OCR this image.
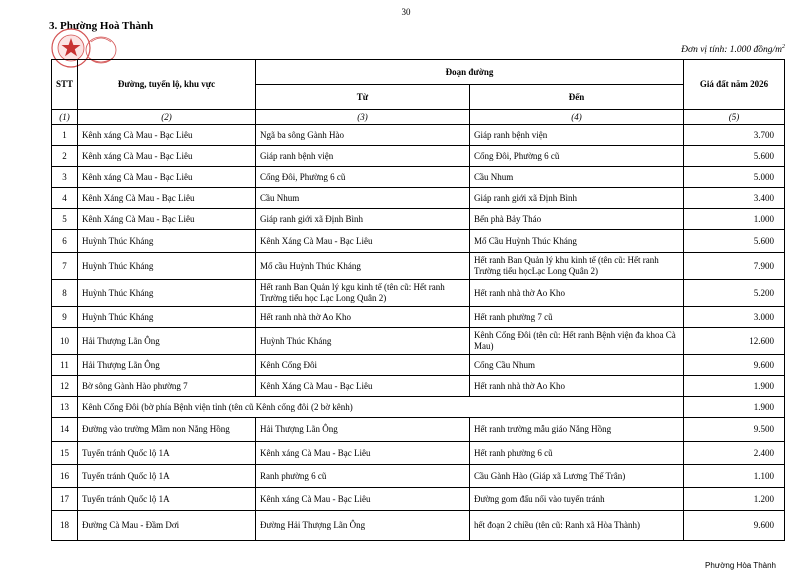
30
3. Phường Hoà Thành
Đơn vị tính: 1.000 đồng/$m^2$
STT	Đường, tuyến lộ, khu vực	Đoạn đường		Giá đất năm 2026
		Từ	Đến	
(1)	(2)	(3)	(4)	(5)
1	Kênh xáng Cà Mau - Bạc Liêu	Ngã ba sông Gành Hào	Giáp ranh bệnh viện	3.700
2	Kênh xáng Cà Mau - Bạc Liêu	Giáp ranh bệnh viện	Cống Đôi, Phường 6 cũ	5.600
3	Kênh xáng Cà Mau - Bạc Liêu	Cống Đôi, Phường 6 cũ	Cầu Nhum	5.000
4	Kênh Xáng Cà Mau - Bạc Liêu	Cầu Nhum	Giáp ranh giới xã Định Bình	3.400
5	Kênh Xáng Cà Mau - Bạc Liêu	Giáp ranh giới xã Định Bình	Bến phà Bảy Tháo	1.000
6	Huỳnh Thúc Kháng	Kênh Xáng Cà Mau - Bạc Liêu	Mố Cầu Huỳnh Thúc Kháng	5.600
7	Huỳnh Thúc Kháng	Mố cầu Huỳnh Thúc Kháng	Hết ranh Ban Quản lý khu kinh tế (tên cũ: Hết ranh Trường tiểu họcLạc Long Quân 2)	7.900
8	Huỳnh Thúc Kháng	Hết ranh Ban Quản lý kgu kinh tế (tên cũ: Hết ranh Trường tiểu học Lạc Long Quân 2)	Hết ranh nhà thờ Ao Kho	5.200
9	Huỳnh Thúc Kháng	Hết ranh nhà thờ Ao Kho	Hết ranh phường 7 cũ	3.000
10	Hải Thượng Lãn Ông	Huỳnh Thúc Kháng	Kênh Cống Đôi (tên cũ: Hết ranh Bệnh viện đa khoa Cà Mau)	12.600
11	Hải Thượng Lãn Ông	Kênh Cống Đôi	Cống Cầu Nhum	9.600
12	Bờ sông Gành Hào phường 7	Kênh Xáng Cà Mau - Bạc Liêu	Hết ranh nhà thờ Ao Kho	1.900
13	Kênh Cống Đôi (bờ phía Bệnh viện tỉnh (tên cũ Kênh cống đôi (2 bờ kênh)			1.900
14	Đường vào trường Mầm non Nắng Hồng	Hải Thượng Lãn Ông	Hết ranh trường mẫu giáo Nắng Hồng	9.500
15	Tuyến tránh Quốc lộ 1A	Kênh xáng Cà Mau - Bạc Liêu	Hết ranh phường 6 cũ	2.400
16	Tuyến tránh Quốc lộ 1A	Ranh phường 6 cũ	Cầu Gành Hào (Giáp xã Lương Thế Trân)	1.100
17	Tuyến tránh Quốc lộ 1A	Kênh xáng Cà Mau - Bạc Liêu	Đường gom đấu nối vào tuyến tránh	1.200
18	Đường Cà Mau - Đầm Dơi	Đường Hải Thượng Lãn Ông	hết đoạn 2 chiều (tên cũ: Ranh xã Hòa Thành)	9.600
Phường Hòa Thành
